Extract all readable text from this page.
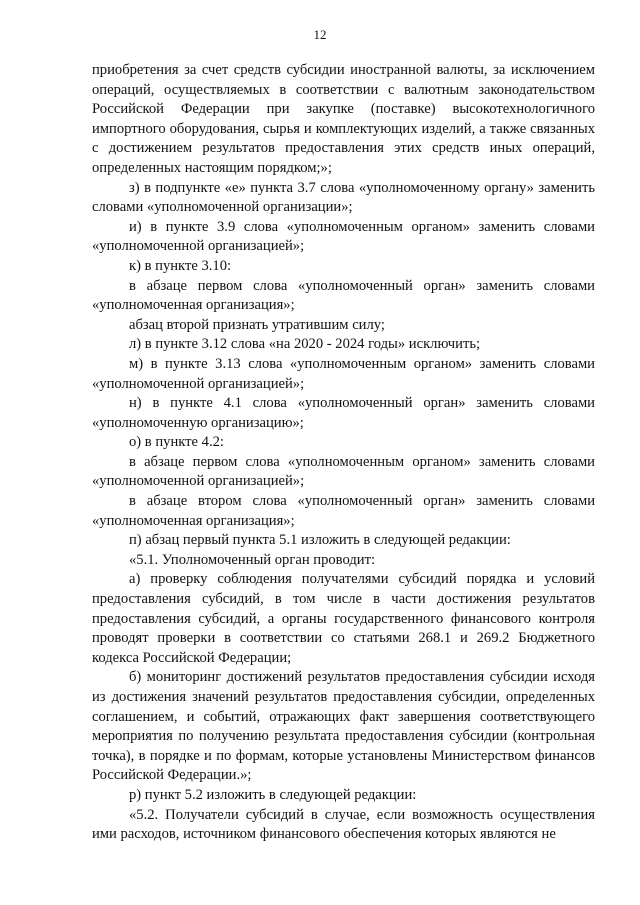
12

приобретения за счет средств субсидии иностранной валюты, за исключением операций, осуществляемых в соответствии с валютным законодательством Российской Федерации при закупке (поставке) высокотехнологичного импортного оборудования, сырья и комплектующих изделий, а также связанных с достижением результатов предоставления этих средств иных операций, определенных настоящим порядком;»;

з) в подпункте «е» пункта 3.7 слова «уполномоченному органу» заменить словами «уполномоченной организации»;

и) в пункте 3.9 слова «уполномоченным органом» заменить словами «уполномоченной организацией»;

к) в пункте 3.10:

в абзаце первом слова «уполномоченный орган» заменить словами «уполномоченная организация»;

абзац второй признать утратившим силу;

л) в пункте 3.12 слова «на 2020 - 2024 годы» исключить;

м) в пункте 3.13 слова «уполномоченным органом» заменить словами «уполномоченной организацией»;

н) в пункте 4.1 слова «уполномоченный орган» заменить словами «уполномоченную организацию»;

о) в пункте 4.2:

в абзаце первом слова «уполномоченным органом» заменить словами «уполномоченной организацией»;

в абзаце втором слова «уполномоченный орган» заменить словами «уполномоченная организация»;

п) абзац первый пункта 5.1 изложить в следующей редакции:

«5.1. Уполномоченный орган проводит:

а) проверку соблюдения получателями субсидий порядка и условий предоставления субсидий, в том числе в части достижения результатов предоставления субсидий, а органы государственного финансового контроля проводят проверки в соответствии со статьями 268.1 и 269.2 Бюджетного кодекса Российской Федерации;

б) мониторинг достижений результатов предоставления субсидии исходя из достижения значений результатов предоставления субсидии, определенных соглашением, и событий, отражающих факт завершения соответствующего мероприятия по получению результата предоставления субсидии (контрольная точка), в порядке и по формам, которые установлены Министерством финансов Российской Федерации.»;

р) пункт 5.2 изложить в следующей редакции:

«5.2. Получатели субсидий в случае, если возможность осуществления ими расходов, источником финансового обеспечения которых являются не
